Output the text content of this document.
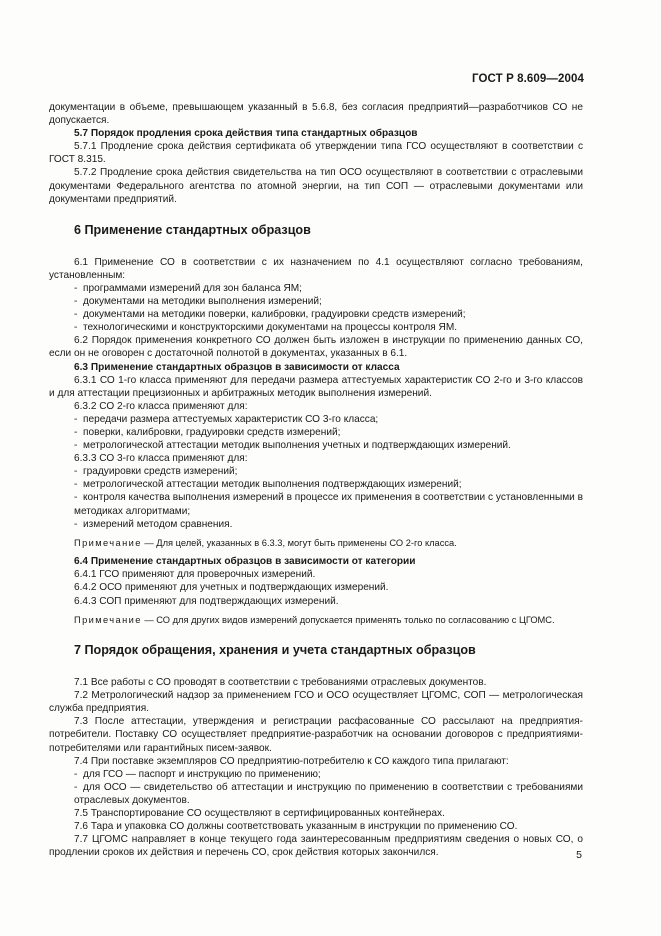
ГОСТ Р 8.609—2004

документации в объеме, превышающем указанный в 5.6.8, без согласия предприятий—разработчиков СО не допускается.

5.7 Порядок продления срока действия типа стандартных образцов

5.7.1 Продление срока действия сертификата об утверждении типа ГСО осуществляют в соответствии с ГОСТ 8.315.

5.7.2 Продление срока действия свидетельства на тип ОСО осуществляют в соответствии с отраслевыми документами Федерального агентства по атомной энергии, на тип СОП — отраслевыми документами или документами предприятий.

6 Применение стандартных образцов

6.1 Применение СО в соответствии с их назначением по 4.1 осуществляют согласно требованиям, установленным:

- программами измерений для зон баланса ЯМ;
- документами на методики выполнения измерений;
- документами на методики поверки, калибровки, градуировки средств измерений;
- технологическими и конструкторскими документами на процессы контроля ЯМ.

6.2 Порядок применения конкретного СО должен быть изложен в инструкции по применению данных СО, если он не оговорен с достаточной полнотой в документах, указанных в 6.1.

6.3 Применение стандартных образцов в зависимости от класса

6.3.1 СО 1-го класса применяют для передачи размера аттестуемых характеристик СО 2-го и 3-го классов и для аттестации прецизионных и арбитражных методик выполнения измерений.

6.3.2 СО 2-го класса применяют для:

- передачи размера аттестуемых характеристик СО 3-го класса;
- поверки, калибровки, градуировки средств измерений;
- метрологической аттестации методик выполнения учетных и подтверждающих измерений.

6.3.3 СО 3-го класса применяют для:

- градуировки средств измерений;
- метрологической аттестации методик выполнения подтверждающих измерений;
- контроля качества выполнения измерений в процессе их применения в соответствии с установленными в методиках алгоритмами;
- измерений методом сравнения.

Примечание — Для целей, указанных в 6.3.3, могут быть применены СО 2-го класса.

6.4 Применение стандартных образцов в зависимости от категории

6.4.1 ГСО применяют для проверочных измерений.

6.4.2 ОСО применяют для учетных и подтверждающих измерений.

6.4.3 СОП применяют для подтверждающих измерений.

Примечание — СО для других видов измерений допускается применять только по согласованию с ЦГОМС.

7 Порядок обращения, хранения и учета стандартных образцов

7.1 Все работы с СО проводят в соответствии с требованиями отраслевых документов.

7.2 Метрологический надзор за применением ГСО и ОСО осуществляет ЦГОМС, СОП — метрологическая служба предприятия.

7.3 После аттестации, утверждения и регистрации расфасованные СО рассылают на предприятия-потребители. Поставку СО осуществляет предприятие-разработчик на основании договоров с предприятиями-потребителями или гарантийных писем-заявок.

7.4 При поставке экземпляров СО предприятию-потребителю к СО каждого типа прилагают:

- для ГСО — паспорт и инструкцию по применению;
- для ОСО — свидетельство об аттестации и инструкцию по применению в соответствии с требованиями отраслевых документов.

7.5 Транспортирование СО осуществляют в сертифицированных контейнерах.

7.6 Тара и упаковка СО должны соответствовать указанным в инструкции по применению СО.

7.7 ЦГОМС направляет в конце текущего года заинтересованным предприятиям сведения о новых СО, о продлении сроков их действия и перечень СО, срок действия которых закончился.	5
